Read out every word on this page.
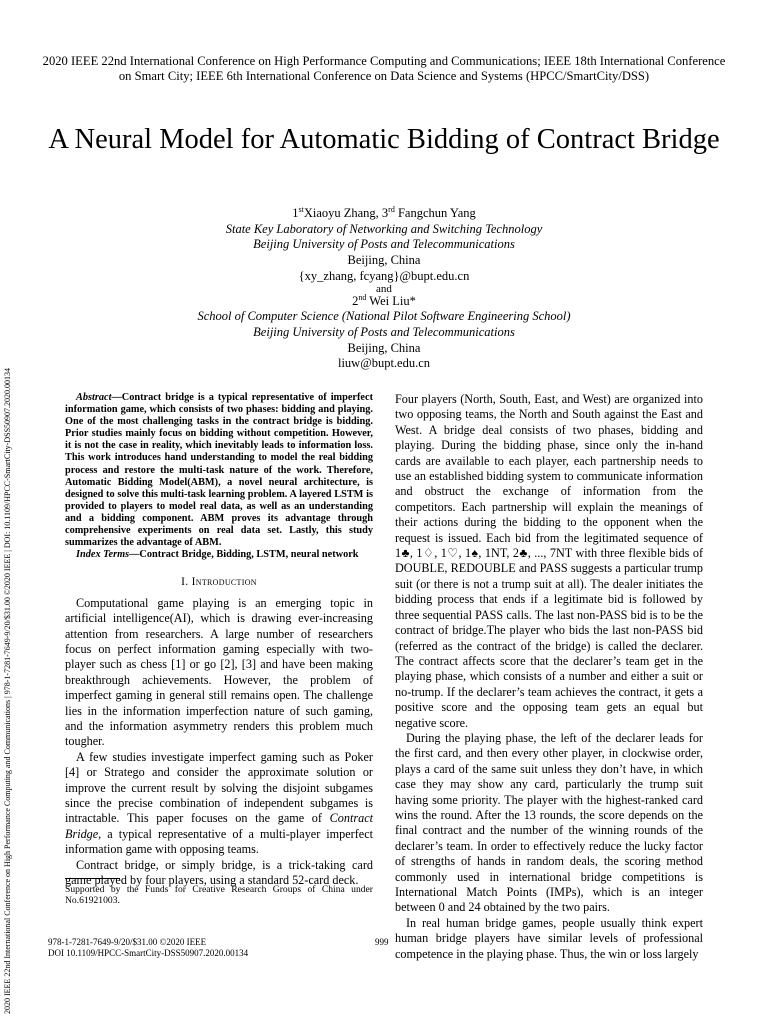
2020 IEEE 22nd International Conference on High Performance Computing and Communications | 978-1-7281-7649-9/20/$31.00 ©2020 IEEE | DOI: 10.1109/HPCC-SmartCity-DSS50907.2020.00134
2020 IEEE 22nd International Conference on High Performance Computing and Communications; IEEE 18th International Conference on Smart City; IEEE 6th International Conference on Data Science and Systems (HPCC/SmartCity/DSS)
A Neural Model for Automatic Bidding of Contract Bridge
1stXiaoyu Zhang, 3rd Fangchun Yang
State Key Laboratory of Networking and Switching Technology
Beijing University of Posts and Telecommunications
Beijing, China
{xy_zhang, fcyang}@bupt.edu.cn
and
2nd Wei Liu*
School of Computer Science (National Pilot Software Engineering School)
Beijing University of Posts and Telecommunications
Beijing, China
liuw@bupt.edu.cn

Abstract—Contract bridge is a typical representative of imperfect information game, which consists of two phases: bidding and playing. One of the most challenging tasks in the contract bridge is bidding. Prior studies mainly focus on bidding without competition. However, it is not the case in reality, which inevitably leads to information loss. This work introduces hand understanding to model the real bidding process and restore the multi-task nature of the work. Therefore, Automatic Bidding Model(ABM), a novel neural architecture, is designed to solve this multi-task learning problem. A layered LSTM is provided to players to model real data, as well as an understanding and a bidding component. ABM proves its advantage through comprehensive experiments on real data set. Lastly, this study summarizes the advantage of ABM.

Index Terms—Contract Bridge, Bidding, LSTM, neural network

I. Introduction

Computational game playing is an emerging topic in artificial intelligence(AI), which is drawing ever-increasing attention from researchers. A large number of researchers focus on perfect information gaming especially with two-player such as chess [1] or go [2], [3] and have been making breakthrough achievements. However, the problem of imperfect gaming in general still remains open. The challenge lies in the information imperfection nature of such gaming, and the information asymmetry renders this problem much tougher.

A few studies investigate imperfect gaming such as Poker [4] or Stratego and consider the approximate solution or improve the current result by solving the disjoint subgames since the precise combination of independent subgames is intractable. This paper focuses on the game of Contract Bridge, a typical representative of a multi-player imperfect information game with opposing teams.

Contract bridge, or simply bridge, is a trick-taking card game played by four players, using a standard 52-card deck.

Supported by the Funds for Creative Research Groups of China under No.61921003.

Four players (North, South, East, and West) are organized into two opposing teams, the North and South against the East and West. A bridge deal consists of two phases, bidding and playing. During the bidding phase, since only the in-hand cards are available to each player, each partnership needs to use an established bidding system to communicate information and obstruct the exchange of information from the competitors. Each partnership will explain the meanings of their actions during the bidding to the opponent when the request is issued. Each bid from the legitimated sequence of 1♣, 1♢, 1♡, 1♠, 1NT, 2♣, ..., 7NT with three flexible bids of DOUBLE, REDOUBLE and PASS suggests a particular trump suit (or there is not a trump suit at all). The dealer initiates the bidding process that ends if a legitimate bid is followed by three sequential PASS calls. The last non-PASS bid is to be the contract of bridge.The player who bids the last non-PASS bid (referred as the contract of the bridge) is called the declarer. The contract affects score that the declarer’s team get in the playing phase, which consists of a number and either a suit or no-trump. If the declarer’s team achieves the contract, it gets a positive score and the opposing team gets an equal but negative score.

During the playing phase, the left of the declarer leads for the first card, and then every other player, in clockwise order, plays a card of the same suit unless they don’t have, in which case they may show any card, particularly the trump suit having some priority. The player with the highest-ranked card wins the round. After the 13 rounds, the score depends on the final contract and the number of the winning rounds of the declarer’s team. In order to effectively reduce the lucky factor of strengths of hands in random deals, the scoring method commonly used in international bridge competitions is International Match Points (IMPs), which is an integer between 0 and 24 obtained by the two pairs.

In real human bridge games, people usually think expert human bridge players have similar levels of professional competence in the playing phase. Thus, the win or loss largely

978-1-7281-7649-9/20/$31.00 ©2020 IEEE
DOI 10.1109/HPCC-SmartCity-DSS50907.2020.00134
999
